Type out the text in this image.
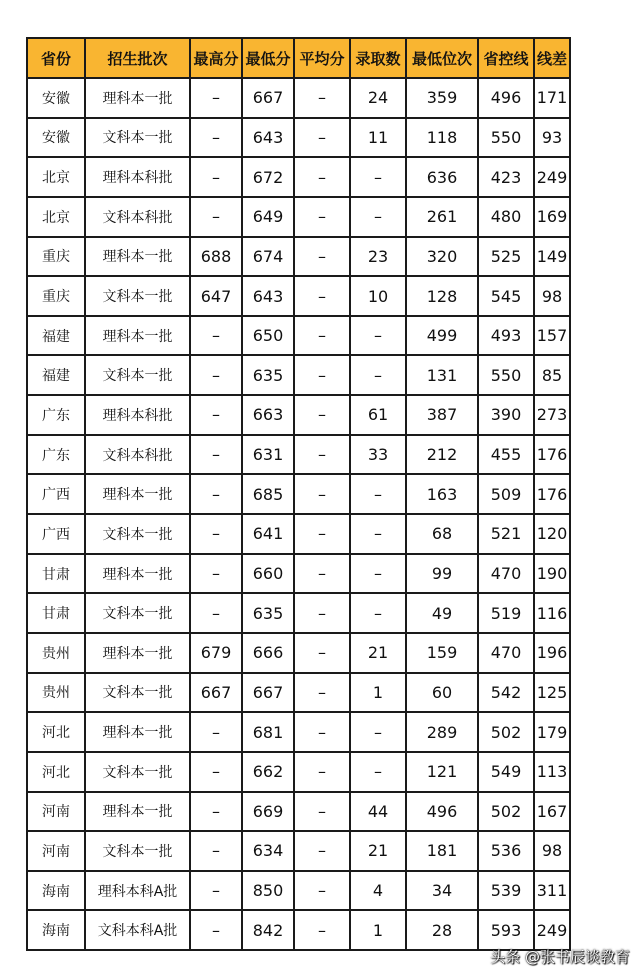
省份	招生批次	最高分	最低分	平均分	录取数	最低位次	省控线	线差
安徽	理科本一批	–	667	–	24	359	496	171
安徽	文科本一批	–	643	–	11	118	550	93
北京	理科本科批	–	672	–	–	636	423	249
北京	文科本科批	–	649	–	–	261	480	169
重庆	理科本一批	688	674	–	23	320	525	149
重庆	文科本一批	647	643	–	10	128	545	98
福建	理科本一批	–	650	–	–	499	493	157
福建	文科本一批	–	635	–	–	131	550	85
广东	理科本科批	–	663	–	61	387	390	273
广东	文科本科批	–	631	–	33	212	455	176
广西	理科本一批	–	685	–	–	163	509	176
广西	文科本一批	–	641	–	–	68	521	120
甘肃	理科本一批	–	660	–	–	99	470	190
甘肃	文科本一批	–	635	–	–	49	519	116
贵州	理科本一批	679	666	–	21	159	470	196
贵州	文科本一批	667	667	–	1	60	542	125
河北	理科本一批	–	681	–	–	289	502	179
河北	文科本一批	–	662	–	–	121	549	113
河南	理科本一批	–	669	–	44	496	502	167
河南	文科本一批	–	634	–	21	181	536	98
海南	理科本科A批	–	850	–	4	34	539	311
海南	文科本科A批	–	842	–	1	28	593	249
头条 @张书辰谈教育
